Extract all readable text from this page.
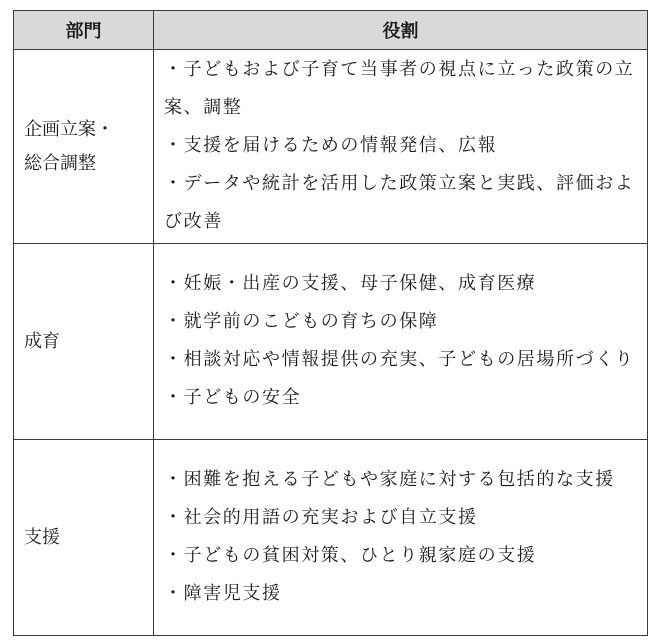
部門	役割
企画立案・
総合調整	・子どもおよび子育て当事者の視点に立った政策の立案、調整
・支援を届けるための情報発信、広報
・データや統計を活用した政策立案と実践、評価および改善

成育	・妊娠・出産の支援、母子保健、成育医療
・就学前のこどもの育ちの保障
・相談対応や情報提供の充実、子どもの居場所づくり
・子どもの安全

支援	・困難を抱える子どもや家庭に対する包括的な支援
・社会的用語の充実および自立支援
・子どもの貧困対策、ひとり親家庭の支援
・障害児支援
